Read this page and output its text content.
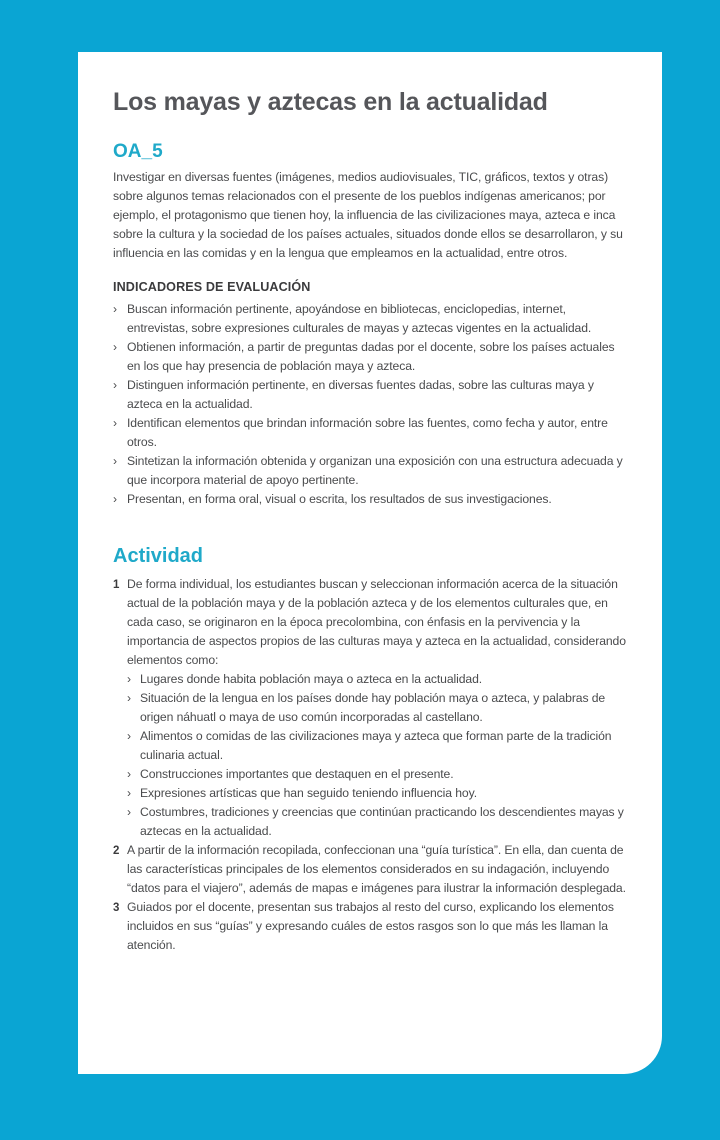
Los mayas y aztecas en la actualidad
OA_5

Investigar en diversas fuentes (imágenes, medios audiovisuales, TIC, gráficos, textos y otras) sobre algunos temas relacionados con el presente de los pueblos indígenas americanos; por ejemplo, el protagonismo que tienen hoy, la influencia de las civilizaciones maya, azteca e inca sobre la cultura y la sociedad de los países actuales, situados donde ellos se desarrollaron, y su influencia en las comidas y en la lengua que empleamos en la actualidad, entre otros.

INDICADORES DE EVALUACIÓN
› Buscan información pertinente, apoyándose en bibliotecas, enciclopedias, internet, entrevistas, sobre expresiones culturales de mayas y aztecas vigentes en la actualidad.
› Obtienen información, a partir de preguntas dadas por el docente, sobre los países actuales en los que hay presencia de población maya y azteca.
› Distinguen información pertinente, en diversas fuentes dadas, sobre las culturas maya y azteca en la actualidad.
› Identifican elementos que brindan información sobre las fuentes, como fecha y autor, entre otros.
› Sintetizan la información obtenida y organizan una exposición con una estructura adecuada y que incorpora material de apoyo pertinente.
› Presentan, en forma oral, visual o escrita, los resultados de sus investigaciones.
Actividad
1 De forma individual, los estudiantes buscan y seleccionan información acerca de la situación actual de la población maya y de la población azteca y de los elementos culturales que, en cada caso, se originaron en la época precolombina, con énfasis en la pervivencia y la importancia de aspectos propios de las culturas maya y azteca en la actualidad, considerando elementos como:
› Lugares donde habita población maya o azteca en la actualidad.
› Situación de la lengua en los países donde hay población maya o azteca, y palabras de origen náhuatl o maya de uso común incorporadas al castellano.
› Alimentos o comidas de las civilizaciones maya y azteca que forman parte de la tradición culinaria actual.
› Construcciones importantes que destaquen en el presente.
› Expresiones artísticas que han seguido teniendo influencia hoy.
› Costumbres, tradiciones y creencias que continúan practicando los descendientes mayas y aztecas en la actualidad.
2 A partir de la información recopilada, confeccionan una “guía turística”. En ella, dan cuenta de las características principales de los elementos considerados en su indagación, incluyendo “datos para el viajero”, además de mapas e imágenes para ilustrar la información desplegada.
3 Guiados por el docente, presentan sus trabajos al resto del curso, explicando los elementos incluidos en sus “guías” y expresando cuáles de estos rasgos son lo que más les llaman la atención.
